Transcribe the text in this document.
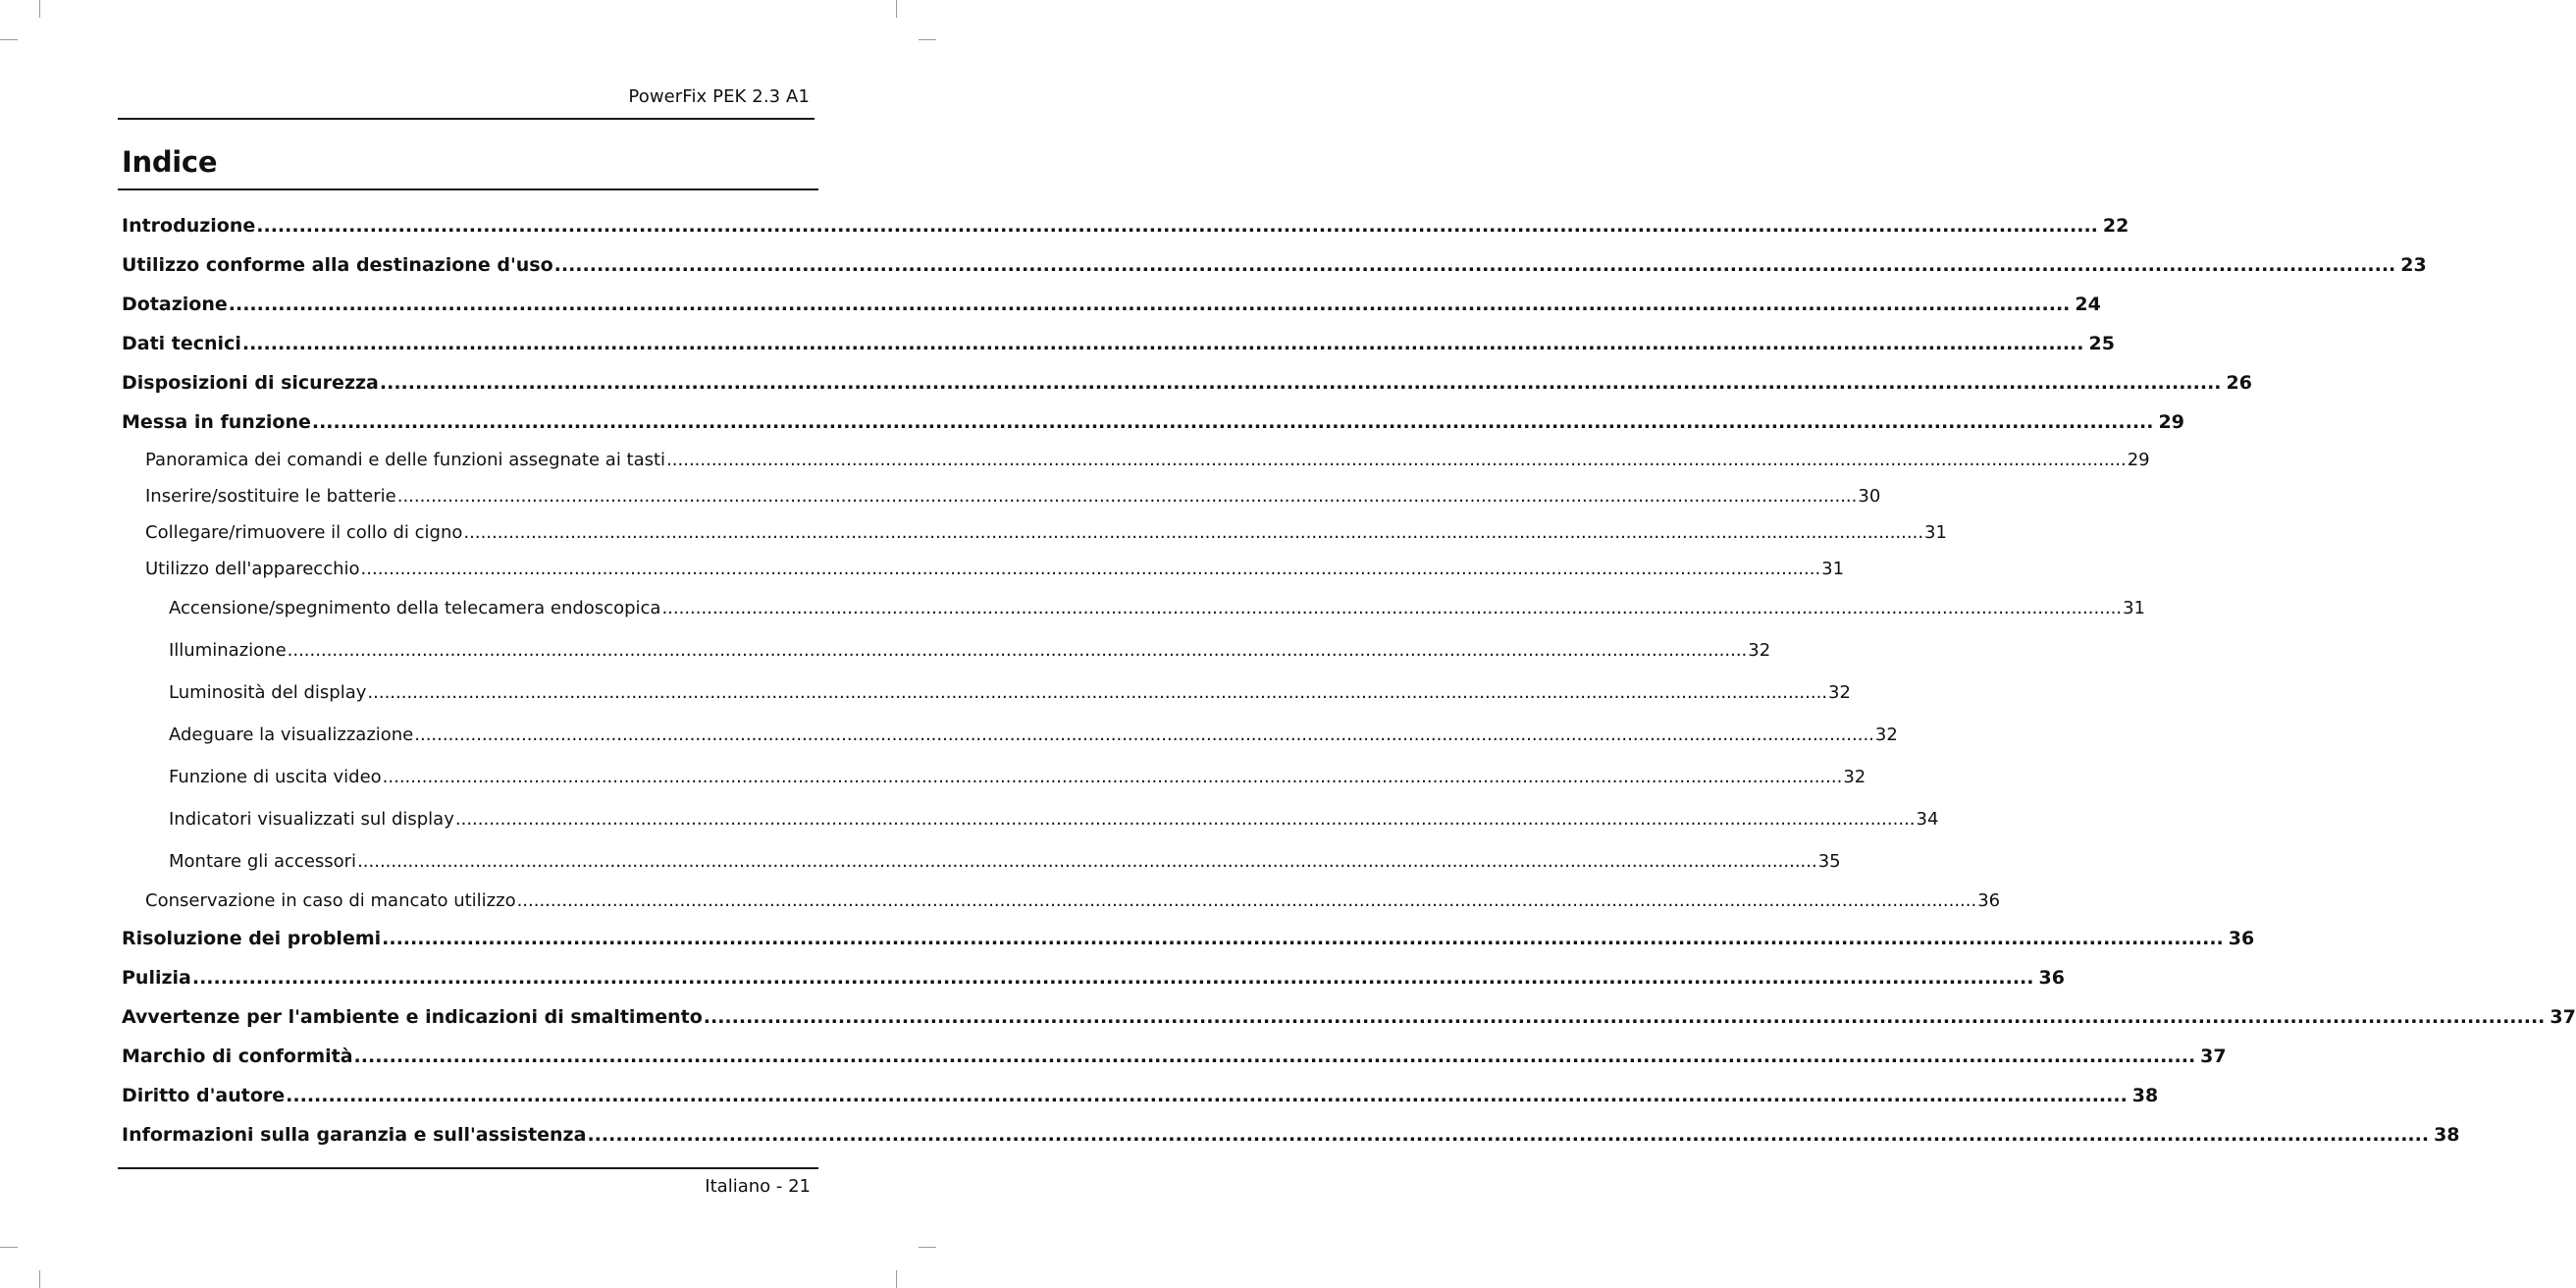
PowerFix PEK 2.3 A1
Indice
Introduzione .................................................................................................................................................................................................................................................................... 22
Utilizzo conforme alla destinazione d'uso .................................................................................................................................................................................................................................................................... 23
Dotazione .................................................................................................................................................................................................................................................................... 24
Dati tecnici .................................................................................................................................................................................................................................................................... 25
Disposizioni di sicurezza .................................................................................................................................................................................................................................................................... 26
Messa in funzione .................................................................................................................................................................................................................................................................... 29
Panoramica dei comandi e delle funzioni assegnate ai tasti .................................................................................................................................................................................................................................................................... 29
Inserire/sostituire le batterie .................................................................................................................................................................................................................................................................... 30
Collegare/rimuovere il collo di cigno .................................................................................................................................................................................................................................................................... 31
Utilizzo dell'apparecchio .................................................................................................................................................................................................................................................................... 31
Accensione/spegnimento della telecamera endoscopica .................................................................................................................................................................................................................................................................... 31
Illuminazione .................................................................................................................................................................................................................................................................... 32
Luminosità del display .................................................................................................................................................................................................................................................................... 32
Adeguare la visualizzazione .................................................................................................................................................................................................................................................................... 32
Funzione di uscita video .................................................................................................................................................................................................................................................................... 32
Indicatori visualizzati sul display .................................................................................................................................................................................................................................................................... 34
Montare gli accessori .................................................................................................................................................................................................................................................................... 35
Conservazione in caso di mancato utilizzo .................................................................................................................................................................................................................................................................... 36
Risoluzione dei problemi .................................................................................................................................................................................................................................................................... 36
Pulizia .................................................................................................................................................................................................................................................................... 36
Avvertenze per l'ambiente e indicazioni di smaltimento .................................................................................................................................................................................................................................................................... 37
Marchio di conformità .................................................................................................................................................................................................................................................................... 37
Diritto d'autore .................................................................................................................................................................................................................................................................... 38
Informazioni sulla garanzia e sull'assistenza .................................................................................................................................................................................................................................................................... 38
Italiano - 21
